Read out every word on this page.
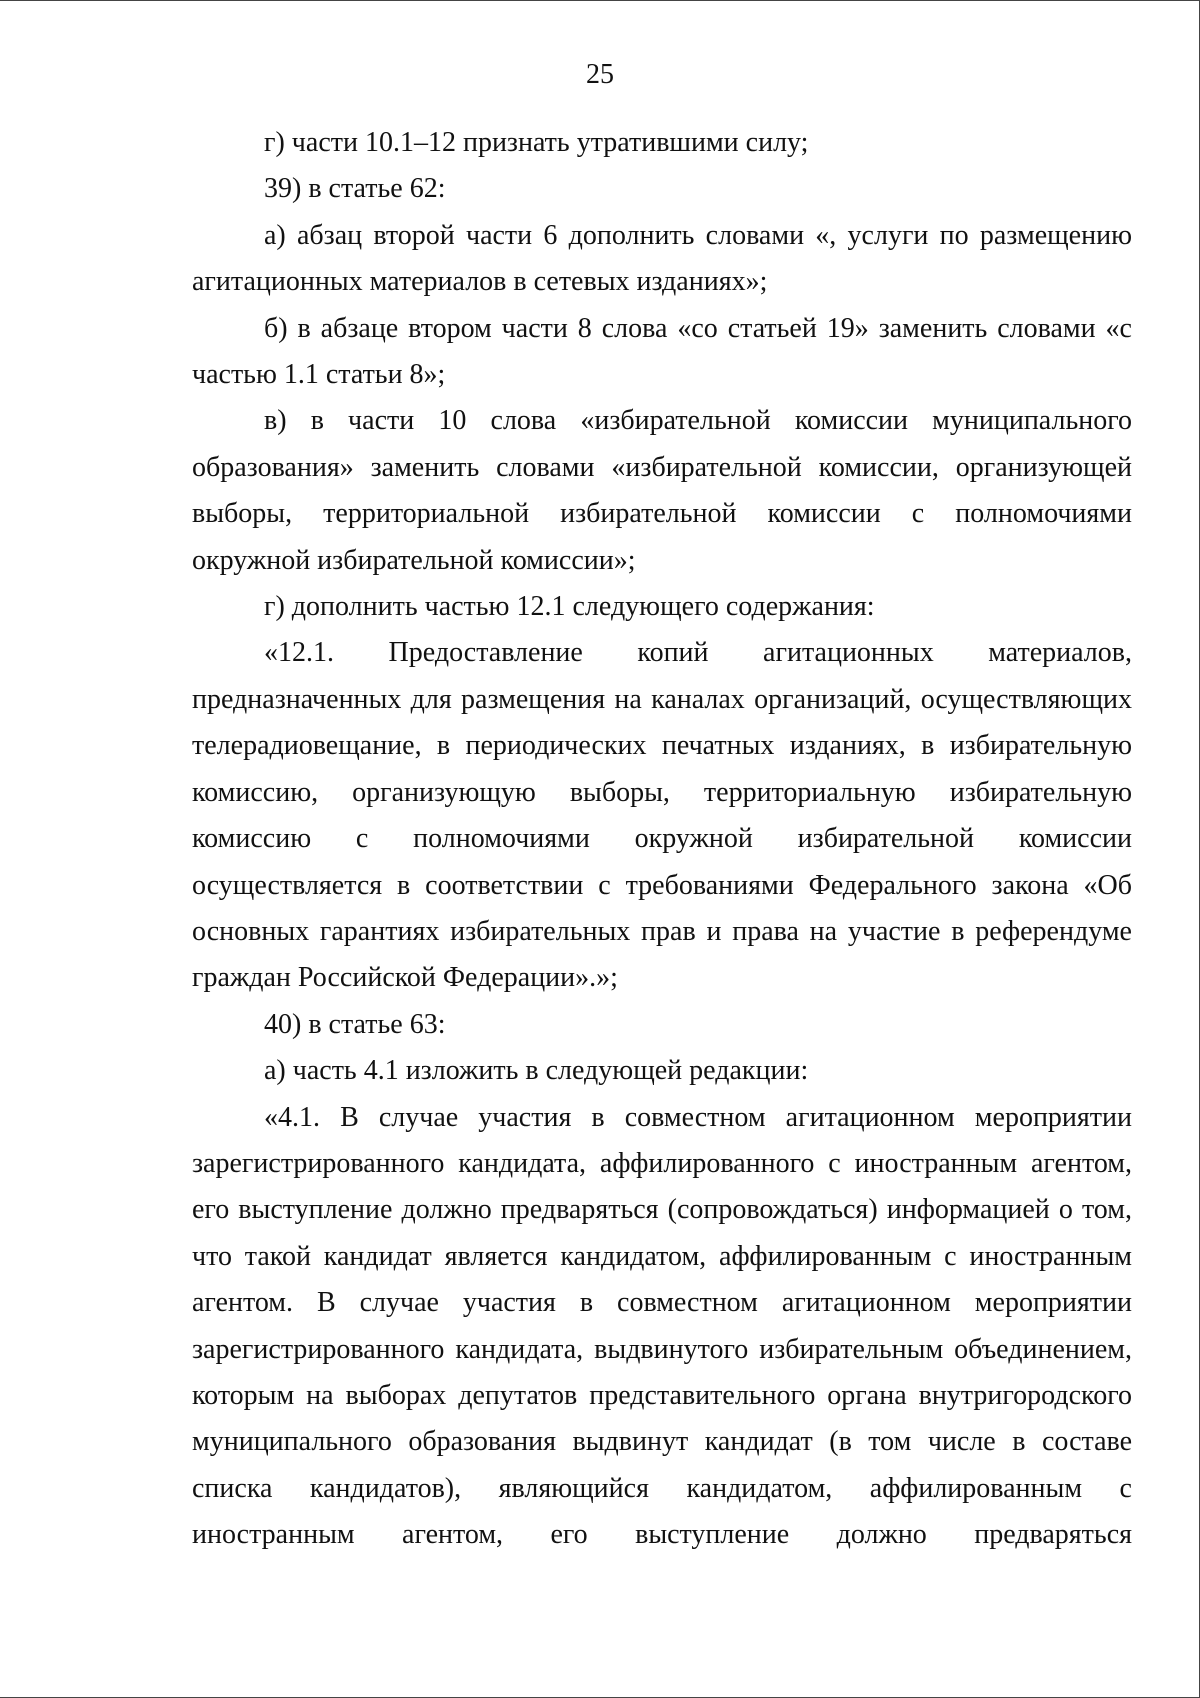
25

г) части 10.1–12 признать утратившими силу;

39) в статье 62:

а) абзац второй части 6 дополнить словами «, услуги по размещению агитационных материалов в сетевых изданиях»;

б) в абзаце втором части 8 слова «со статьей 19» заменить словами «с частью 1.1 статьи 8»;

в) в части 10 слова «избирательной комиссии муниципального образования» заменить словами «избирательной комиссии, организующей выборы, территориальной избирательной комиссии с полномочиями окружной избирательной комиссии»;

г) дополнить частью 12.1 следующего содержания:

«12.1. Предоставление копий агитационных материалов, предназначенных для размещения на каналах организаций, осуществляющих телерадиовещание, в периодических печатных изданиях, в избирательную комиссию, организующую выборы, территориальную избирательную комиссию с полномочиями окружной избирательной комиссии осуществляется в соответствии с требованиями Федерального закона «Об основных гарантиях избирательных прав и права на участие в референдуме граждан Российской Федерации».»;

40) в статье 63:

а) часть 4.1 изложить в следующей редакции:

«4.1. В случае участия в совместном агитационном мероприятии зарегистрированного кандидата, аффилированного с иностранным агентом, его выступление должно предваряться (сопровождаться) информацией о том, что такой кандидат является кандидатом, аффилированным с иностранным агентом. В случае участия в совместном агитационном мероприятии зарегистрированного кандидата, выдвинутого избирательным объединением, которым на выборах депутатов представительного органа внутригородского муниципального образования выдвинут кандидат (в том числе в составе списка кандидатов), являющийся кандидатом, аффилированным с иностранным агентом, его выступление должно предваряться
